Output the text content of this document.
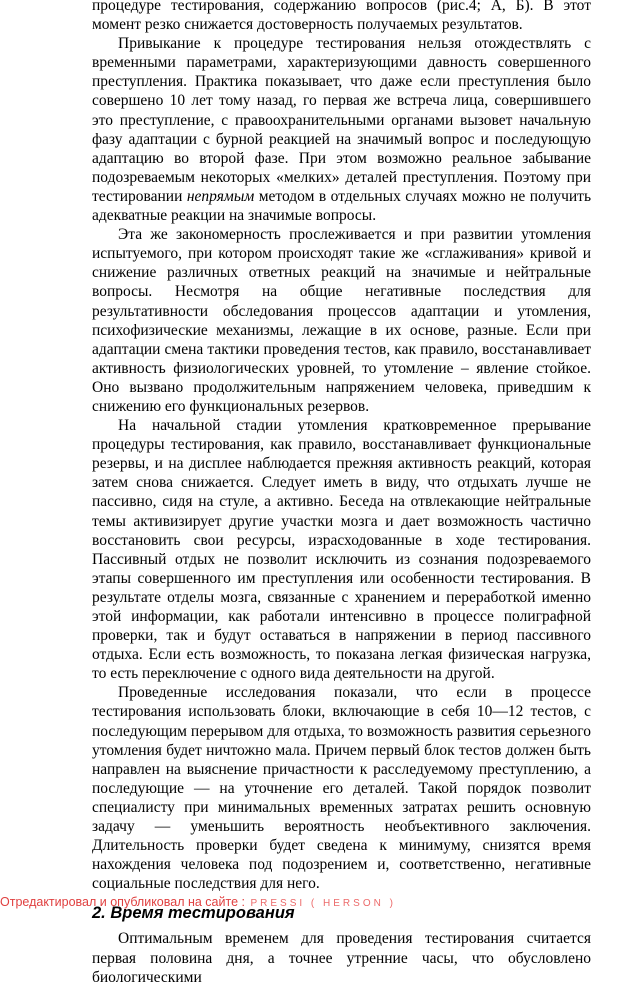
процедуре тестирования, содержанию вопросов (рис.4; А, Б). В этот момент резко снижается достоверность получаемых результатов.

Привыкание к процедуре тестирования нельзя отождествлять с временными параметрами, характеризующими давность совершенного преступления. Практика показывает, что даже если преступления было совершено 10 лет тому назад, го первая же встреча лица, совершившего это преступление, с правоохранительными органами вызовет начальную фазу адаптации с бурной реакцией на значимый вопрос и последующую адаптацию во второй фазе. При этом возможно реальное забывание подозреваемым некоторых «мелких» деталей преступления. Поэтому при тестировании непрямым методом в отдельных случаях можно не получить адекватные реакции на значимые вопросы.

Эта же закономерность прослеживается и при развитии утомления испытуемого, при котором происходят такие же «сглаживания» кривой и снижение различных ответных реакций на значимые и нейтральные вопросы. Несмотря на общие негативные последствия для результативности обследования процессов адаптации и утомления, психофизические механизмы, лежащие в их основе, разные. Если при адаптации смена тактики проведения тестов, как правило, восстанавливает активность физиологических уровней, то утомление – явление стойкое. Оно вызвано продолжительным напряжением человека, приведшим к снижению его функциональных резервов.

На начальной стадии утомления кратковременное прерывание процедуры тестирования, как правило, восстанавливает функциональные резервы, и на дисплее наблюдается прежняя активность реакций, которая затем снова снижается. Следует иметь в виду, что отдыхать лучше не пассивно, сидя на стуле, а активно. Беседа на отвлекающие нейтральные темы активизирует другие участки мозга и дает возможность частично восстановить свои ресурсы, израсходованные в ходе тестирования. Пассивный отдых не позволит исключить из сознания подозреваемого этапы совершенного им преступления или особенности тестирования. В результате отделы мозга, связанные с хранением и переработкой именно этой информации, как работали интенсивно в процессе полиграфной проверки, так и будут оставаться в напряжении в период пассивного отдыха. Если есть возможность, то показана легкая физическая нагрузка, то есть переключение с одного вида деятельности на другой.

Проведенные исследования показали, что если в процессе тестирования использовать блоки, включающие в себя 10—12 тестов, с последующим перерывом для отдыха, то возможность развития серьезного утомления будет ничтожно мала. Причем первый блок тестов должен быть направлен на выяснение причастности к расследуемому преступлению, а последующие — на уточнение его деталей. Такой порядок позволит специалисту при минимальных временных затратах решить основную задачу — уменьшить вероятность необъективного заключения. Длительность проверки будет сведена к минимуму, снизятся время нахождения человека под подозрением и, соответственно, негативные социальные последствия для него.

2. Время тестирования

Оптимальным временем для проведения тестирования считается первая половина дня, а точнее утренние часы, что обусловлено биологическими

Отредактировал и опубликовал на сайте : PRESSI ( HERSON )
